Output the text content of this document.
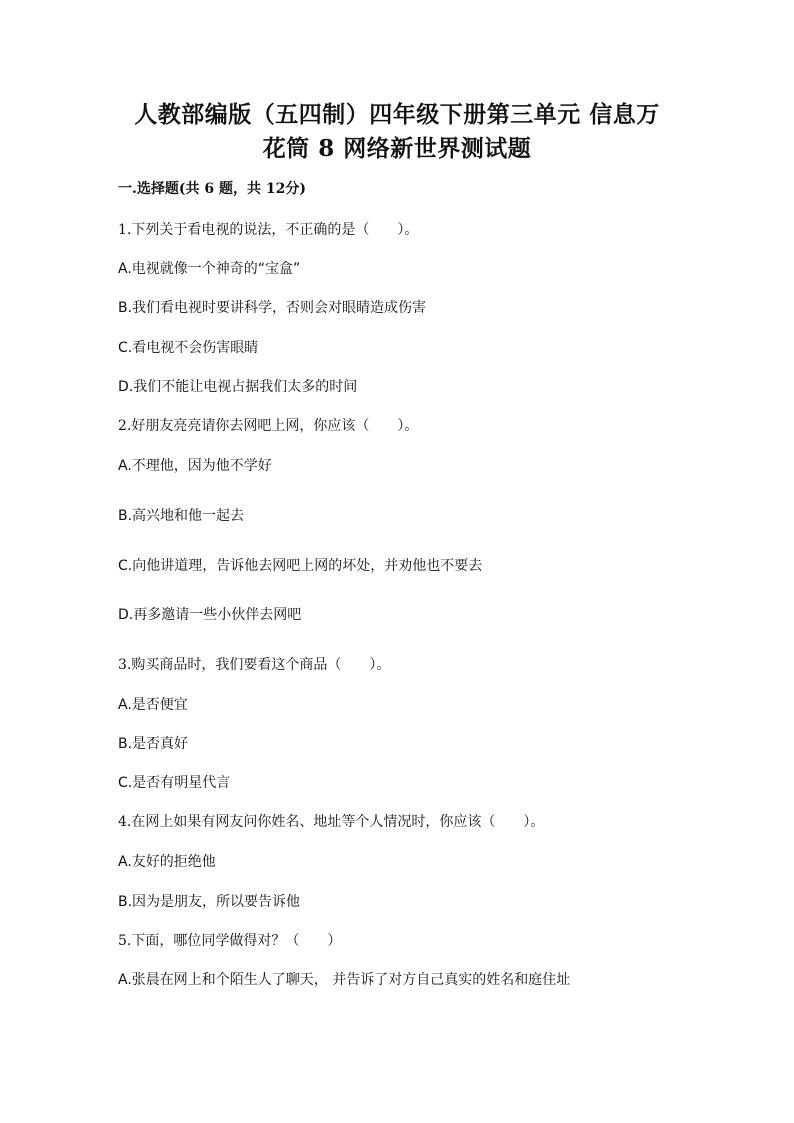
人教部编版（五四制）四年级下册第三单元 信息万
花筒 8 网络新世界测试题
一.选择题(共 6 题，共 12分)
1.下列关于看电视的说法，不正确的是（　　）。
A.电视就像一个神奇的“宝盒”
B.我们看电视时要讲科学，否则会对眼睛造成伤害
C.看电视不会伤害眼睛
D.我们不能让电视占据我们太多的时间
2.好朋友亮亮请你去网吧上网，你应该（　　）。
A.不理他，因为他不学好
B.高兴地和他一起去
C.向他讲道理，告诉他去网吧上网的坏处，并劝他也不要去
D.再多邀请一些小伙伴去网吧
3.购买商品时，我们要看这个商品（　　）。
A.是否便宜
B.是否真好
C.是否有明星代言
4.在网上如果有网友问你姓名、地址等个人情况时，你应该（　　）。
A.友好的拒绝他
B.因为是朋友，所以要告诉他
5.下面，哪位同学做得对？（　　）
A.张晨在网上和个陌生人了聊天， 并告诉了对方自己真实的姓名和庭住址
